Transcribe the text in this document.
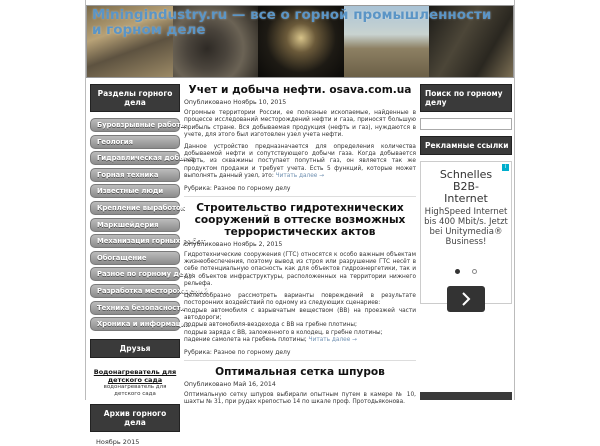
Miningindustry.ru — все о горной промышленности и горном деле
Разделы горного дела
Буровзрывные работы
Геология
Гидравлическая добыча
Горная техника
Известные люди
Крепление выработок
Маркшейдерия
Механизация горных работ
Обогащение
Разное по горному делу
Разработка месторождений
Техника безопасности
Хроника и информация
Друзья
Водонагреватель для детского сада
водонагреватель для детского сада
Архив горного дела
Ноябрь 2015
Учет и добыча нефти. osava.com.ua
Опубликовано Ноябрь 10, 2015

Огромные территории России, ее полезные ископаемые, найденные в процессе исследований месторождений нефти и газа, приносят большую прибыль стране. Вся добываемая продукция (нефть и газ), нуждаются в учете, для этого был изготовлен узел учета нефти.

Данное устройство предназначается для определения количества добываемой нефти и сопутствующего добычи газа. Когда добывается нефть, из скважины поступает попутный газ, он является так же продуктом продажи и требует учета. Есть 5 функций, которые может выполнять данный узел, это: Читать далее →

Рубрика: Разное по горному делу
Строительство гидротехнических сооружений в оттеске возможных террористических актов
Опубликовано Ноябрь 2, 2015

Гидротехнические сооружения (ГТС) относятся к особо важным объектам жизнеобеспечения, поэтому вывод из строя или разрушение ГТС несёт в себе потенциальную опасность как для объектов гидроэнергетики, так и для объектов инфраструктуры, расположенных на территории нижнего рельефа.

Целесообразно рассмотреть варианты повреждений в результате посторонних воздействий по одному из следующих сценариев:
подрыв автомобиля с взрывчатым веществом (ВВ) на проезжей части автодороги;
подрыв автомобиля-вездехода с ВВ на гребне плотины;
подрыв заряда с ВВ, заложенного в колодец, в гребне плотины;
падение самолета на гребень плотины; Читать далее →

Рубрика: Разное по горному делу
Оптимальная сетка шпуров
Опубликовано Май 16, 2014

Оптимальную сетку шпуров выбирали опытным путем в камере № 10, шахты № 31, при рудах крепостью 14 по шкале проф. Протодьяконова.

Поиск по горному делу
Рекламные ссылки
i
Schnelles
B2B-
Internet
HighSpeed Internet bis 400 Mbit/s. Jetzt bei Unitymedia® Business!
